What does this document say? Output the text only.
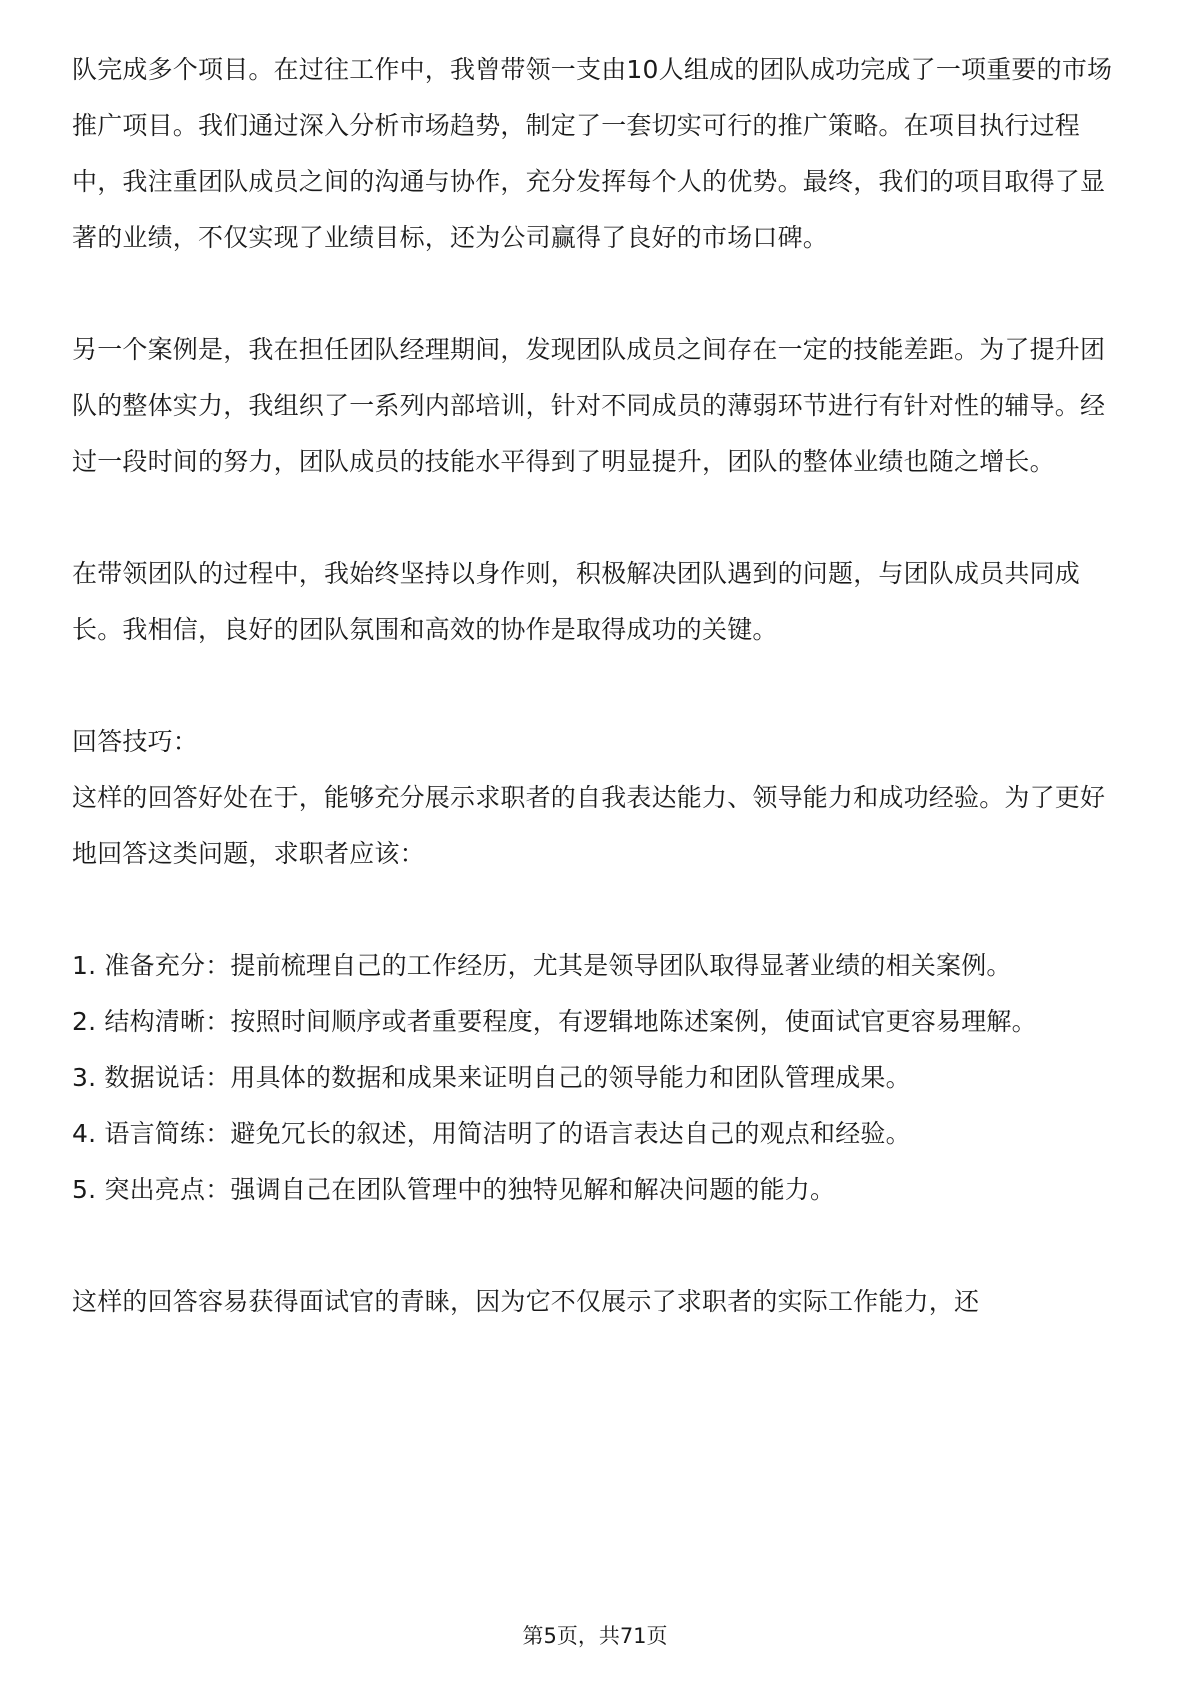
队完成多个项目。在过往工作中，我曾带领一支由10人组成的团队成功完成了一项重要的市场推广项目。我们通过深入分析市场趋势，制定了一套切实可行的推广策略。在项目执行过程中，我注重团队成员之间的沟通与协作，充分发挥每个人的优势。最终，我们的项目取得了显著的业绩，不仅实现了业绩目标，还为公司赢得了良好的市场口碑。

另一个案例是，我在担任团队经理期间，发现团队成员之间存在一定的技能差距。为了提升团队的整体实力，我组织了一系列内部培训，针对不同成员的薄弱环节进行有针对性的辅导。经过一段时间的努力，团队成员的技能水平得到了明显提升，团队的整体业绩也随之增长。

在带领团队的过程中，我始终坚持以身作则，积极解决团队遇到的问题，与团队成员共同成长。我相信，良好的团队氛围和高效的协作是取得成功的关键。

回答技巧：

这样的回答好处在于，能够充分展示求职者的自我表达能力、领导能力和成功经验。为了更好地回答这类问题，求职者应该：

1. 准备充分：提前梳理自己的工作经历，尤其是领导团队取得显著业绩的相关案例。

2. 结构清晰：按照时间顺序或者重要程度，有逻辑地陈述案例，使面试官更容易理解。

3. 数据说话：用具体的数据和成果来证明自己的领导能力和团队管理成果。

4. 语言简练：避免冗长的叙述，用简洁明了的语言表达自己的观点和经验。

5. 突出亮点：强调自己在团队管理中的独特见解和解决问题的能力。

这样的回答容易获得面试官的青睐，因为它不仅展示了求职者的实际工作能力，还

第5页，共71页
